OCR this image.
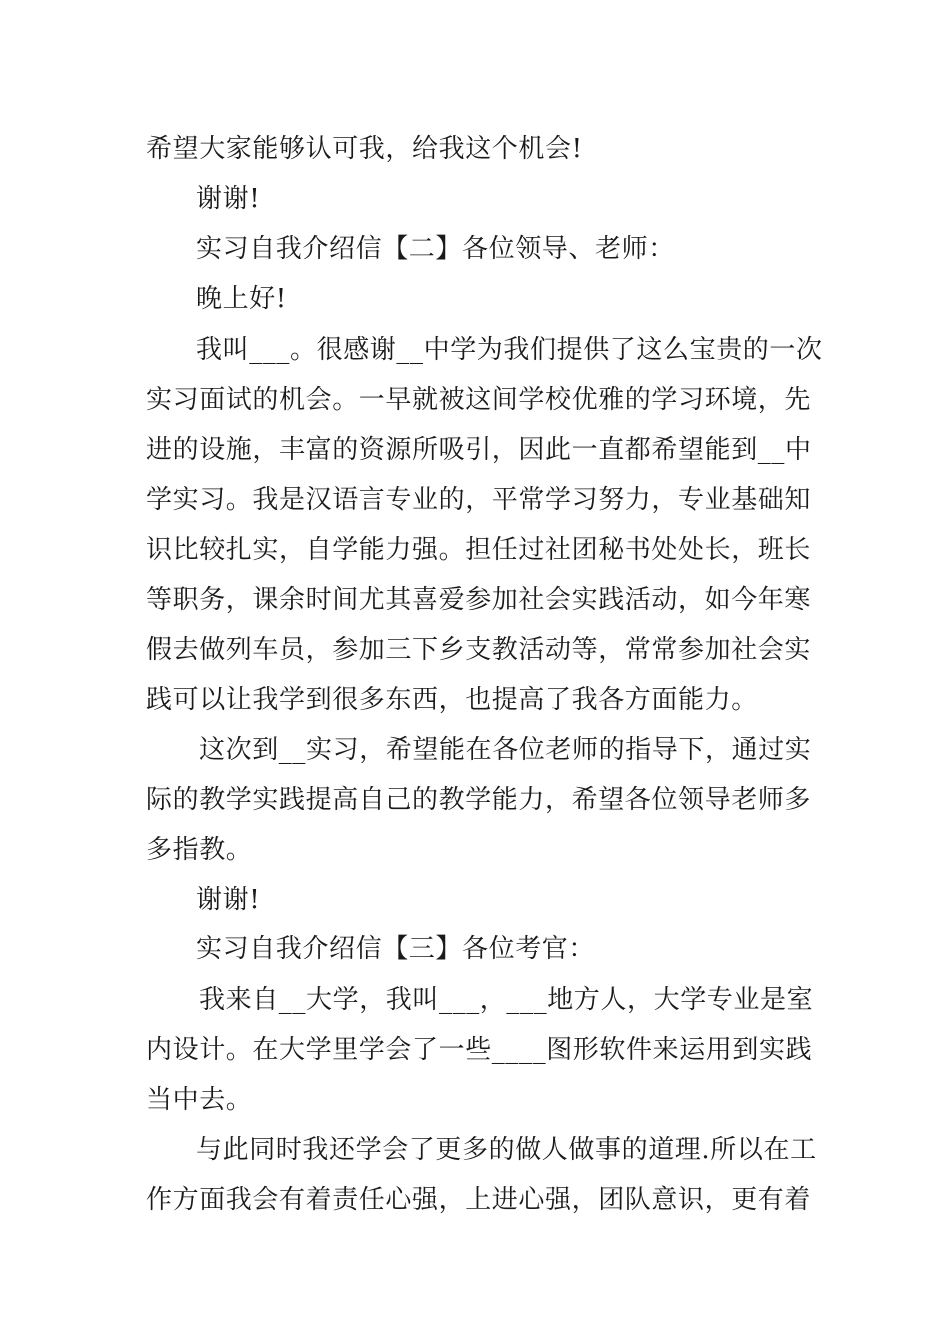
希望大家能够认可我，给我这个机会!
谢谢!
实习自我介绍信【二】各位领导、老师：
晚上好!
我叫___。很感谢__中学为我们提供了这么宝贵的一次
实习面试的机会。一早就被这间学校优雅的学习环境，先
进的设施，丰富的资源所吸引，因此一直都希望能到__中
学实习。我是汉语言专业的，平常学习努力，专业基础知
识比较扎实，自学能力强。担任过社团秘书处处长，班长
等职务，课余时间尤其喜爱参加社会实践活动，如今年寒
假去做列车员，参加三下乡支教活动等，常常参加社会实
践可以让我学到很多东西，也提高了我各方面能力。
这次到__实习，希望能在各位老师的指导下，通过实
际的教学实践提高自己的教学能力，希望各位领导老师多
多指教。
谢谢!
实习自我介绍信【三】各位考官：
我来自__大学，我叫___，___地方人，大学专业是室
内设计。在大学里学会了一些____图形软件来运用到实践
当中去。
与此同时我还学会了更多的做人做事的道理.所以在工
作方面我会有着责任心强，上进心强，团队意识，更有着
